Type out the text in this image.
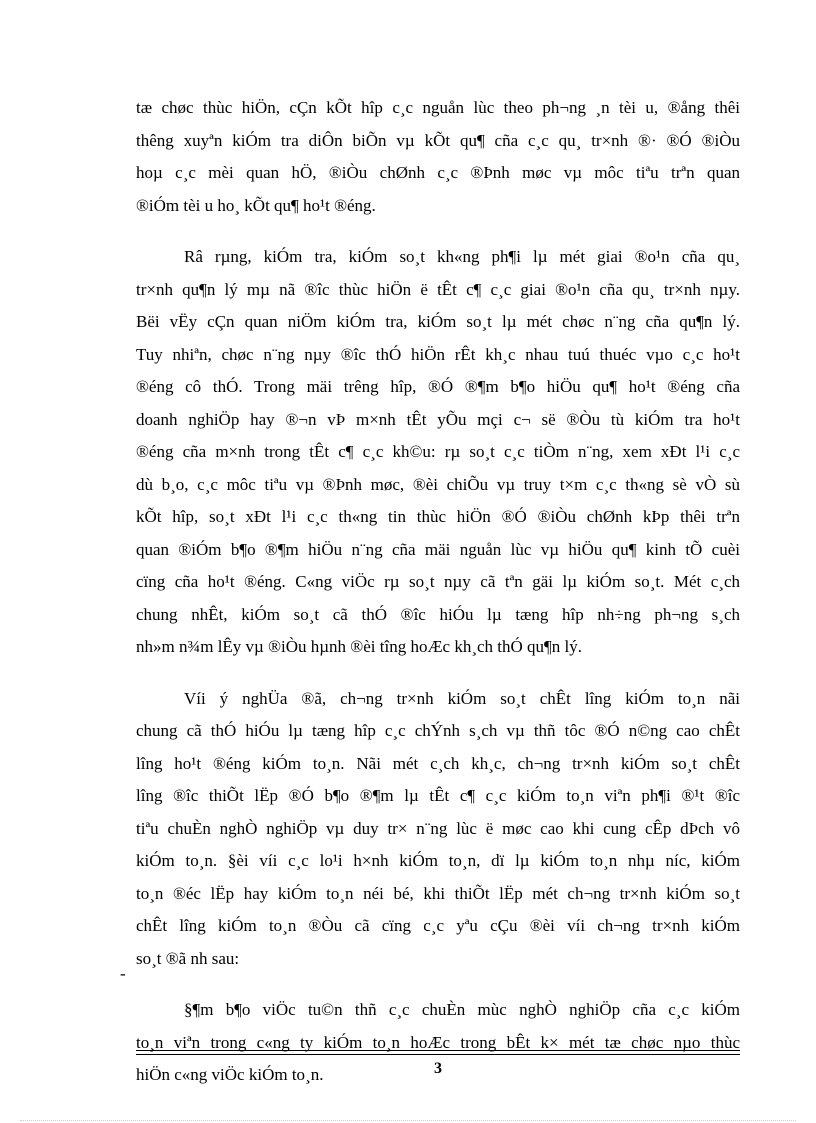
tæ chøc thùc hiÖn, cÇn kÕt hîp c¸c nguån lùc theo ph¬ng ¸n tèi u, ®ång thêi
thêng xuyªn kiÓm tra diÔn biÕn vµ kÕt qu¶ cña c¸c qu¸ tr×nh ®· ®Ó ®iÒu
hoµ c¸c mèi quan hÖ, ®iÒu chØnh c¸c ®Þnh møc vµ môc tiªu trªn quan
®iÓm tèi u ho¸ kÕt qu¶ ho¹t ®éng.
Râ rµng, kiÓm tra, kiÓm so¸t kh«ng ph¶i lµ mét giai ®o¹n cña qu¸
tr×nh qu¶n lý mµ nã ®îc thùc hiÖn ë tÊt c¶ c¸c giai ®o¹n cña qu¸ tr×nh nµy.
Bëi vËy cÇn quan niÖm kiÓm tra, kiÓm so¸t lµ mét chøc n¨ng cña qu¶n lý.
Tuy nhiªn, chøc n¨ng nµy ®îc thÓ hiÖn rÊt kh¸c nhau tuú thuéc vµo c¸c ho¹t
®éng cô thÓ. Trong mäi trêng hîp, ®Ó ®¶m b¶o hiÖu qu¶ ho¹t ®éng cña
doanh nghiÖp hay ®¬n vÞ m×nh tÊt yÕu mçi c¬ së ®Òu tù kiÓm tra ho¹t
®éng cña m×nh trong tÊt c¶ c¸c kh©u: rµ so¸t c¸c tiÒm n¨ng, xem xÐt l¹i c¸c
dù b¸o, c¸c môc tiªu vµ ®Þnh møc, ®èi chiÕu vµ truy t×m c¸c th«ng sè vÒ sù
kÕt hîp, so¸t xÐt l¹i c¸c th«ng tin thùc hiÖn ®Ó ®iÒu chØnh kÞp thêi trªn
quan ®iÓm b¶o ®¶m hiÖu n¨ng cña mäi nguån lùc vµ hiÖu qu¶ kinh tÕ cuèi
cïng cña ho¹t ®éng. C«ng viÖc rµ so¸t nµy cã tªn gäi lµ kiÓm so¸t. Mét c¸ch
chung nhÊt, kiÓm so¸t cã thÓ ®îc hiÓu lµ tæng hîp nh÷ng ph¬ng s¸ch
nh»m n¾m lÊy vµ ®iÒu hµnh ®èi tîng hoÆc kh¸ch thÓ qu¶n lý.
Víi ý nghÜa ®ã, ch¬ng tr×nh kiÓm so¸t chÊt lîng kiÓm to¸n nãi
chung cã thÓ hiÓu lµ tæng hîp c¸c chÝnh s¸ch vµ thñ tôc ®Ó n©ng cao chÊt
lîng ho¹t ®éng kiÓm to¸n. Nãi mét c¸ch kh¸c, ch¬ng tr×nh kiÓm so¸t chÊt
lîng ®îc thiÕt lËp ®Ó b¶o ®¶m lµ tÊt c¶ c¸c kiÓm to¸n viªn ph¶i ®¹t ®îc
tiªu chuÈn nghÒ nghiÖp vµ duy tr× n¨ng lùc ë møc cao khi cung cÊp dÞch vô
kiÓm to¸n. §èi víi c¸c lo¹i h×nh kiÓm to¸n, dï lµ kiÓm to¸n nhµ níc, kiÓm
to¸n ®éc lËp hay kiÓm to¸n néi bé, khi thiÕt lËp mét ch¬ng tr×nh kiÓm so¸t
chÊt lîng kiÓm to¸n ®Òu cã cïng c¸c yªu cÇu ®èi víi ch¬ng tr×nh kiÓm
so¸t ®ã nh sau:
§¶m b¶o viÖc tu©n thñ c¸c chuÈn mùc nghÒ nghiÖp cña c¸c kiÓm
to¸n viªn trong c«ng ty kiÓm to¸n hoÆc trong bÊt k× mét tæ chøc nµo thùc
hiÖn c«ng viÖc kiÓm to¸n.
-
3
